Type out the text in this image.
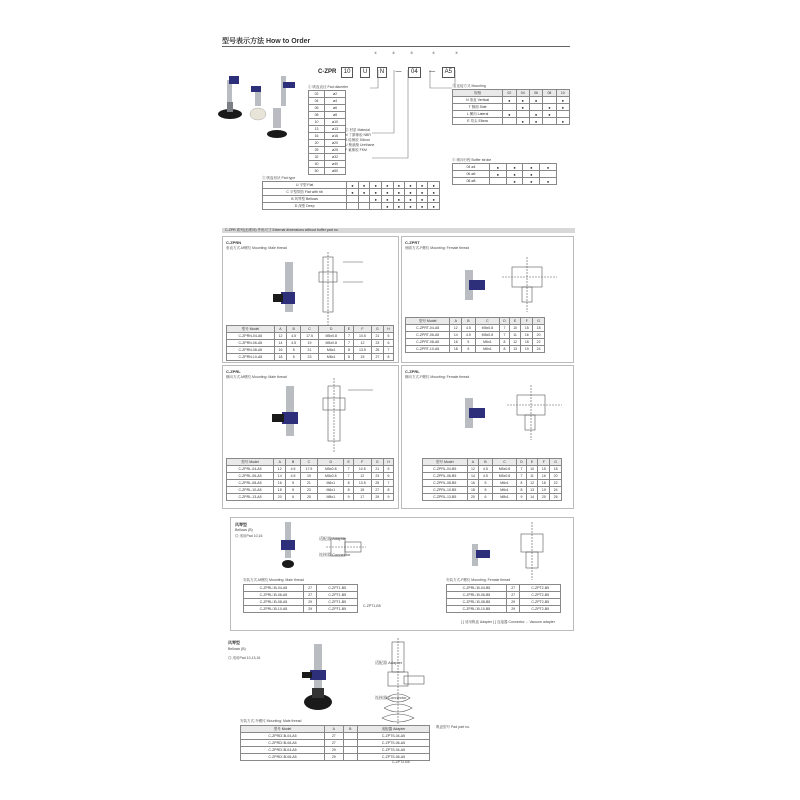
型号表示方法 How to Order
C-ZPR 10 U N — 04 — A5
①	②	③	④	⑤
① 吸盘直径 Pad diameter
02	ø2
04	ø4
06	ø6
08	ø8
10	ø10
13	ø13
16	ø16
20	ø20
25	ø25
32	ø32
40	ø40
50	ø50
② 材质 Material
N 丁腈橡胶 NBR
S 硅橡胶 Silicon
U 聚氨酯 Urethane
F 氟橡胶 FKM
③ 连接方式 Mounting
规格	02	04	06	08	10
N 垂直 Vertical	●	●	●		●
T 侧面 Side		●		●	●
L 横向 Lateral	●		●	●	
E 弯头 Elbow		●	●		●
④ 缓冲行程 Buffer stroke
04 ø4	●	●	●	●
06 ø6	●	●	●	
08 ø8		●	●	●
⑤ 吸盘形状 Pad type
U 平型 Flat	●	●	●	●	●	●	●	●
C 平型带肋 Flat with rib	●	●	●	●	●	●	●	●
B 风琴型 Bellows			●	●	●	●	●	●
D 深型 Deep				●	●	●	●	●
C-ZPR 系列(无缓冲) 外形尺寸 External dimensions without buffer part no.
C-ZPRN
垂直方式-M螺纹 Mounting: Male thread
型号 Model	A	B	C	D	E	F	G	H
C-ZPRN-04-A5	12	4.5	17.5	M5x0.8	7	10.5	21	5
C-ZPRN-06-A5	14	4.5	19	M5x0.8	7	12	23	6
C-ZPRN-08-A5	16	5	21	M6x1	8	13.5	25	7
C-ZPRN-10-A5	18	5	23	M6x1	8	15	27	8
C-ZPRT
侧面方式-F螺纹 Mounting: Female thread
型号 Model	A	B	C	D	E	F	G
C-ZPRT-04-A5	12	4.5	M5x0.8	7	10	15	18
C-ZPRT-06-A5	14	4.5	M5x0.8	7	11	16	20
C-ZPRT-08-A5	16	5	M6x1	8	12	18	22
C-ZPRT-10-A5	18	5	M6x1	8	13	19	24
C-ZPRL
横向方式-M螺纹 Mounting: Male thread
型号 Model	A	B	C	D	E	F	G	H
C-ZPRL-04-A5	12	4.5	17.5	M5x0.8	7	10.5	21	5
C-ZPRL-06-A5	14	4.5	19	M5x0.8	7	12	23	6
C-ZPRL-08-A5	16	5	21	M6x1	8	13.5	25	7
C-ZPRL-10-A5	18	5	23	M6x1	8	15	27	8
C-ZPRL-13-A5	20	6	25	M8x1	9	17	29	9
C-ZPRL
横向方式-F螺纹 Mounting: Female thread
型号 Model	A	B	C	D	E	F	G
C-ZPRL-04-B5	12	4.5	M5x0.8	7	10	15	18
C-ZPRL-06-B5	14	4.5	M5x0.8	7	11	16	20
C-ZPRL-08-B5	16	5	M6x1	8	12	18	22
C-ZPRL-10-B5	18	5	M6x1	8	13	19	24
C-ZPRL-13-B5	20	6	M8x1	9	14	20	26
风琴型
Bellows (B)
◎ 适用Pad 10,16	适配器 Adapter
连接器 Connector
安装方式-M螺纹 Mounting: Male thread
C-ZPRL□B-04-A5	27	C-ZPT1-B5
C-ZPRL□B-06-A5	27	C-ZPT1-B5
C-ZPRL□B-08-A5	29	C-ZPT1-B5
C-ZPRL□B-10-A5	29	C-ZPT1-B5
C-ZPT1-B5
安装方式-F螺纹 Mounting: Female thread
C-ZPRL□B-04-B5	27	C-ZPT2-B5
C-ZPRL□B-06-B5	27	C-ZPT2-B5
C-ZPRL□B-08-B5	29	C-ZPT2-B5
C-ZPRL□B-10-B5	29	C-ZPT2-B5
[ ] 适用吸盘 Adapter [ ] 连接器 Connector ... Vacuum adapter
风琴型
Bellows (B)
◎ 适用Pad 10,13,16
适配器 Adapter
连接器 Connector
安装方式-外螺纹 Mounting: Male thread
型号 Model	A	B	适配器 Adapter
C-ZPRD□B-04-A5	27		C-ZPTS-04-A5
C-ZPRD□B-06-A5	27		C-ZPTS-06-A5
C-ZPRD□B-04-A5	29		C-ZPTS-04-A5
C-ZPRD□B-06-A5	29		C-ZPTS-06-A5
吸盘型号 Pad part no.
C-ZPT2-B5
